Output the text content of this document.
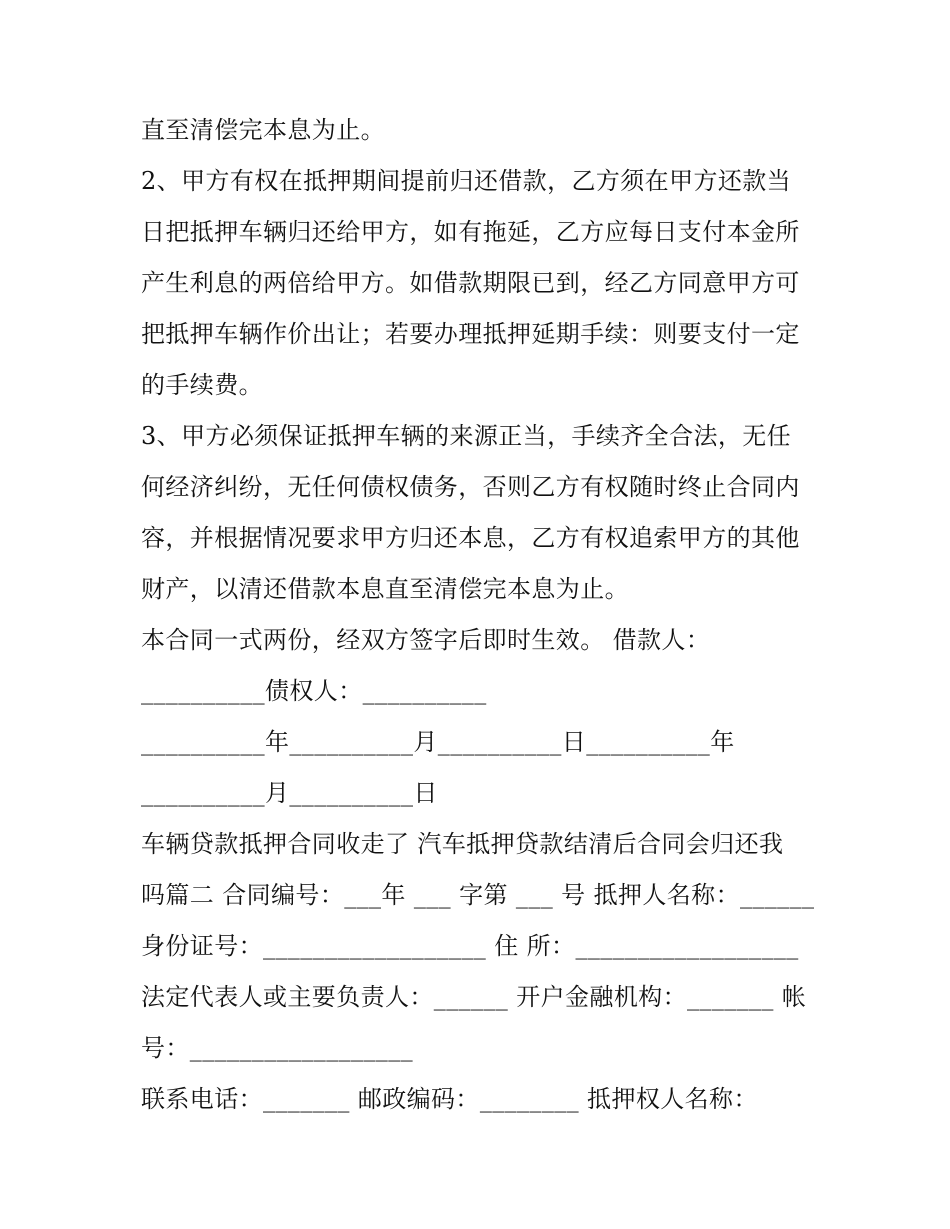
直至清偿完本息为止。
2、甲方有权在抵押期间提前归还借款，乙方须在甲方还款当
日把抵押车辆归还给甲方，如有拖延，乙方应每日支付本金所
产生利息的两倍给甲方。如借款期限已到，经乙方同意甲方可
把抵押车辆作价出让；若要办理抵押延期手续：则要支付一定
的手续费。
3、甲方必须保证抵押车辆的来源正当，手续齐全合法，无任
何经济纠纷，无任何债权债务，否则乙方有权随时终止合同内
容，并根据情况要求甲方归还本息，乙方有权追索甲方的其他
财产，以清还借款本息直至清偿完本息为止。
本合同一式两份，经双方签字后即时生效。 借款人：
__________债权人：__________
__________年__________月__________日__________年
__________月__________日
车辆贷款抵押合同收走了 汽车抵押贷款结清后合同会归还我
吗篇二 合同编号：___年 ___ 字第 ___ 号 抵押人名称：______
身份证号：__________________ 住 所：__________________
法定代表人或主要负责人：______ 开户金融机构：_______ 帐
号：__________________
联系电话：_______ 邮政编码：________ 抵押权人名称：
